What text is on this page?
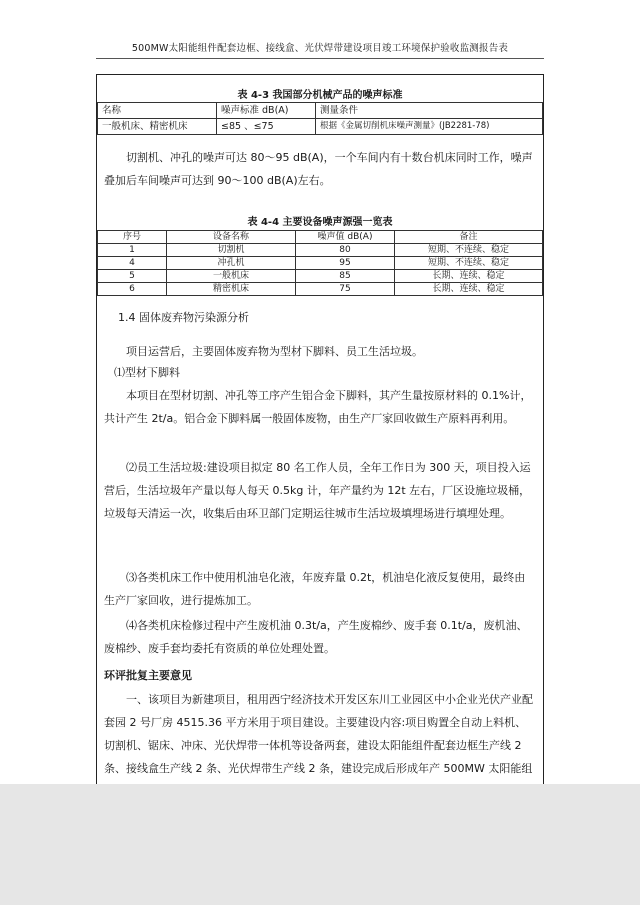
500MW太阳能组件配套边框、接线盒、光伏焊带建设项目竣工环境保护验收监测报告表
表 4-3 我国部分机械产品的噪声标准
名称	噪声标准 dB(A)	测量条件
一般机床、精密机床	≤85 、≤75	根据《金属切削机床噪声测量》(JB2281-78)

切割机、冲孔的噪声可达 80～95 dB(A)，一个车间内有十数台机床同时工作，噪声叠加后车间噪声可达到 90～100 dB(A)左右。

表 4-4 主要设备噪声源强一览表
序号	设备名称	噪声值 dB(A)	备注
1	切割机	80	短期、不连续、稳定
4	冲孔机	95	短期、不连续、稳定
5	一般机床	85	长期、连续、稳定
6	精密机床	75	长期、连续、稳定

1.4 固体废弃物污染源分析

项目运营后，主要固体废弃物为型材下脚料、员工生活垃圾。

⑴型材下脚料

本项目在型材切割、冲孔等工序产生铝合金下脚料，其产生量按原材料的 0.1%计，共计产生 2t/a。铝合金下脚料属一般固体废物，由生产厂家回收做生产原料再利用。

⑵员工生活垃圾:建设项目拟定 80 名工作人员，全年工作日为 300 天，项目投入运营后，生活垃圾年产量以每人每天 0.5kg 计，年产量约为 12t 左右，厂区设施垃圾桶，垃圾每天清运一次，收集后由环卫部门定期运往城市生活垃圾填埋场进行填埋处理。

⑶各类机床工作中使用机油皂化液，年废弃量 0.2t，机油皂化液反复使用，最终由生产厂家回收，进行提炼加工。

⑷各类机床检修过程中产生废机油 0.3t/a，产生废棉纱、废手套 0.1t/a，废机油、废棉纱、废手套均委托有资质的单位处理处置。

环评批复主要意见

一、该项目为新建项目，租用西宁经济技术开发区东川工业园区中小企业光伏产业配套园 2 号厂房 4515.36 平方米用于项目建设。主要建设内容:项目购置全自动上料机、切割机、锯床、冲床、光伏焊带一体机等设备两套，建设太阳能组件配套边框生产线 2 条、接线盒生产线 2 条、光伏焊带生产线 2 条，建设完成后形成年产 500MW 太阳能组
